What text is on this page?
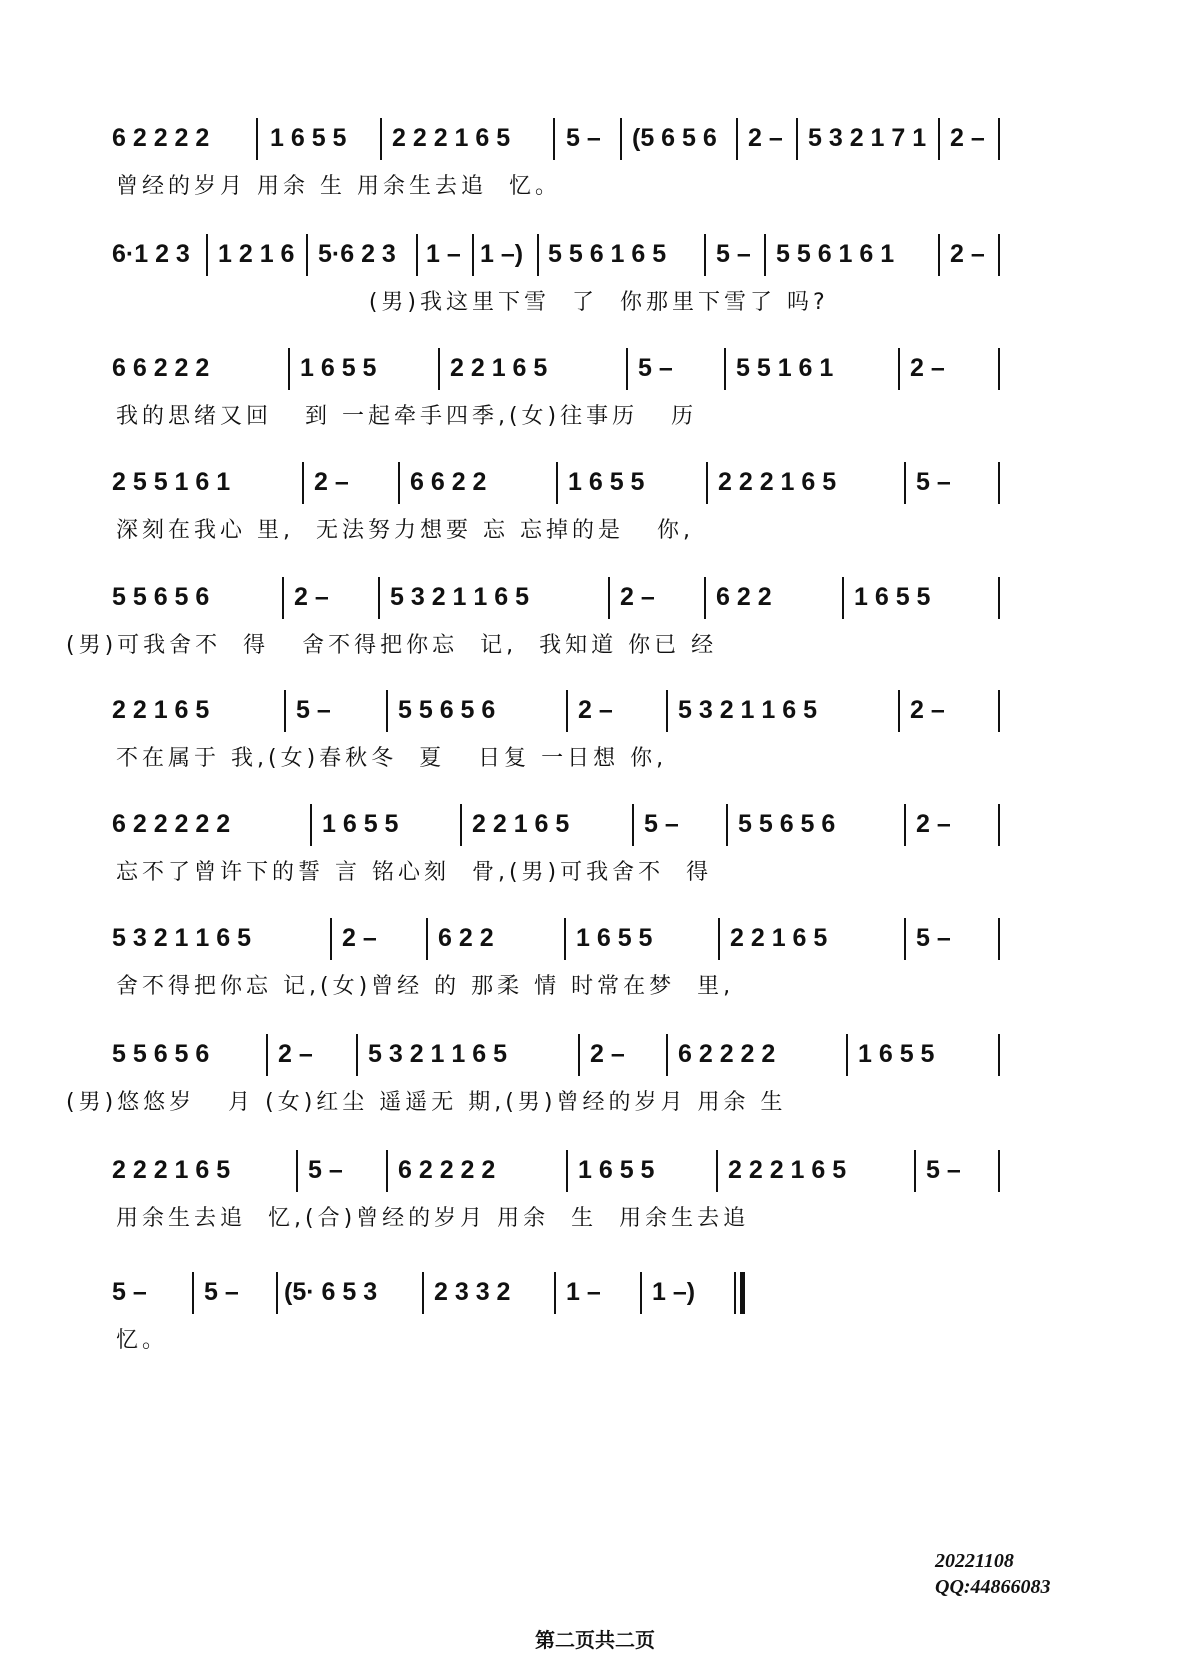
6 2 2 2 2 1 6 5 5 2 2 2 1 6 5 5 – (5 6 5 6 2 – 5 3 2 1 7 1 2 –
曾经的岁月 用余 生 用余生去追  忆。
6·1 2 3 1 2 1 6 5·6 2 3 1 – 1 –) 5 5 6 1 6 5 5 – 5 5 6 1 6 1 2 –
(男)我这里下雪  了  你那里下雪了 吗?
6 6 2 2 2	1 6 5 5	2 2 1 6 5	5 –	5 5 1 6 1	2 –
我的思绪又回   到 一起牵手四季,(女)往事历   历
2 5 5 1 6 1	2 – 6 6 2 2	1 6 5 5	2 2 2 1 6 5	5 –
深刻在我心 里,  无法努力想要 忘 忘掉的是   你,
5 5 6 5 6	2 – 5 3 2 1 1 6 5	2 – 6 2 2	1 6 5 5
(男)可我舍不  得   舍不得把你忘  记,  我知道 你已 经
2 2 1 6 5	5 –	5 5 6 5 6	2 –	5 3 2 1 1 6 5	2 –
不在属于 我,(女)春秋冬  夏   日复 一日想 你,
6 2 2 2 2 2	1 6 5 5	2 2 1 6 5	5 – 5 5 6 5 6	2 –
忘不了曾许下的誓 言 铭心刻  骨,(男)可我舍不  得
5 3 2 1 1 6 5	2 – 6 2 2	1 6 5 5	2 2 1 6 5	5 –
舍不得把你忘 记,(女)曾经 的 那柔 情 时常在梦  里,
5 5 6 5 6	2 – 5 3 2 1 1 6 5	2 – 6 2 2 2 2	1 6 5 5
(男)悠悠岁   月 (女)红尘 遥遥无 期,(男)曾经的岁月 用余 生
2 2 2 1 6 5	5 – 6 2 2 2 2	1 6 5 5	2 2 2 1 6 5	5 –
用余生去追  忆,(合)曾经的岁月 用余  生  用余生去追
5 – 5 – (5· 6 5 3 2 3 3 2 1 – 1 –)
忆。
20221108
QQ:44866083
第二页共二页
